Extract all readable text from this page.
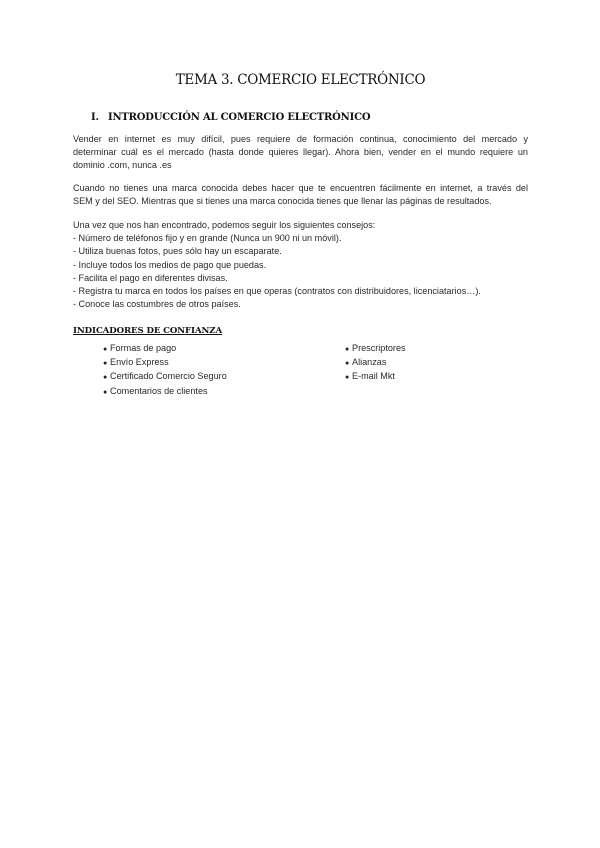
TEMA 3. COMERCIO ELECTRÓNICO
I. INTRODUCCIÓN AL COMERCIO ELECTRÓNICO

Vender en internet es muy difícil, pues requiere de formación continua, conocimiento del mercado y
determinar cuál es el mercado (hasta donde quieres llegar). Ahora bien, vender en el mundo requiere un
dominio .com, nunca .es

Cuando no tienes una marca conocida debes hacer que te encuentren fácilmente en internet, a través del
SEM y del SEO. Mientras que si tienes una marca conocida tienes que llenar las páginas de resultados.

Una vez que nos han encontrado, podemos seguir los siguientes consejos:
- Número de teléfonos fijo y en grande (Nunca un 900 ni un móvil).
- Utiliza buenas fotos, pues sólo hay un escaparate.
- Incluye todos los medios de pago que puedas.
- Facilita el pago en diferentes divisas.
- Registra tu marca en todos los países en que operas (contratos con distribuidores, licenciatarios…).
- Conoce las costumbres de otros países.

INDICADORES DE CONFIANZA
● Formas de pago
● Envío Express
● Certificado Comercio Seguro
● Comentarios de clientes
● Prescriptores
● Alianzas
● E-mail Mkt
